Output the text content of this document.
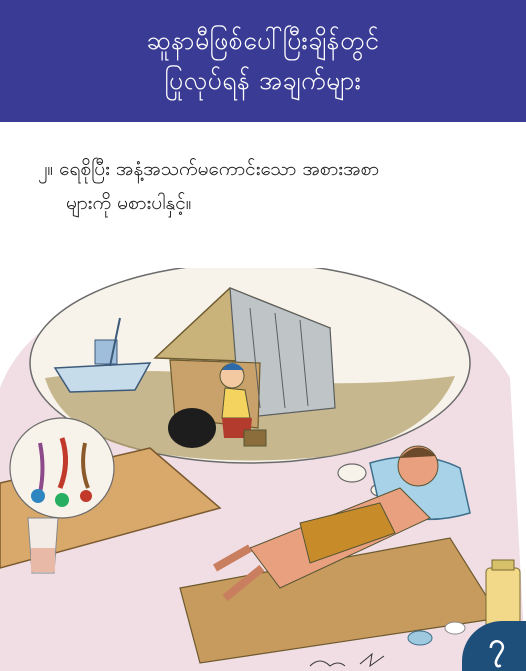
ဆူနာမီဖြစ်ပေါ်ပြီးချိန်တွင်
ပြုလုပ်ရန် အချက်များ
၂။ ရေစိုပြီး အနံ့အသက်မကောင်းသော အစားအစာ
များကို မစားပါနှင့်။
၇
